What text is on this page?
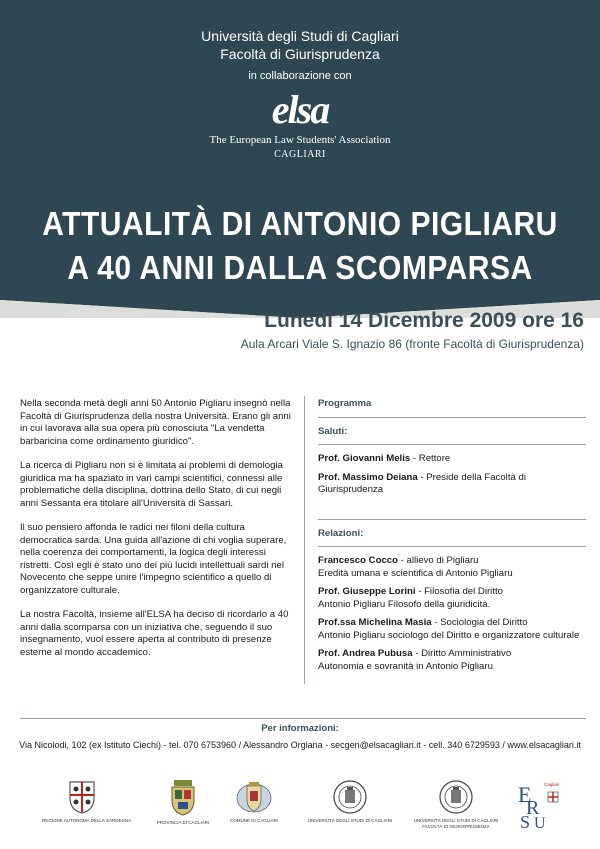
Università degli Studi di Cagliari
Facoltà di Giurisprudenza
in collaborazione con
elsa
The European Law Students' Association
CAGLIARI
ATTUALITÀ DI ANTONIO PIGLIARU
A 40 ANNI DALLA SCOMPARSA
Lunedì 14 Dicembre 2009 ore 16
Aula Arcari Viale S. Ignazio 86 (fronte Facoltà di Giurisprudenza)

Nella seconda metà degli anni 50 Antonio Pigliaru insegnò nella Facoltà di Giurisprudenza della nostra Università. Erano gli anni in cui lavorava alla sua opera più conosciuta "La vendetta barbaricina come ordinamento giuridico".

La ricerca di Pigliaru non si è limitata ai problemi di demologia giuridica ma ha spaziato in vari campi scientifici, connessi alle problematiche della disciplina, dottrina dello Stato, di cui negli anni Sessanta era titolare all'Università di Sassari.

Il suo pensiero affonda le radici nei filoni della cultura democratica sarda. Una guida all'azione di chi voglia superare, nella coerenza dei comportamenti, la logica degli interessi ristretti. Così egli è stato uno dei più lucidi intellettuali sardi nel Novecento che seppe unire l'impegno scientifico a quello di organizzatore culturale.

La nostra Facoltà, insieme all'ELSA ha deciso di ricordarlo a 40 anni dalla scomparsa con un iniziativa che, seguendo il suo insegnamento, vuol essere aperta al contributo di presenze esterne al mondo accademico.

Programma
Saluti:
Prof. Giovanni Melis - Rettore
Prof. Massimo Deiana - Preside della Facoltà di Giurisprudenza
Relazioni:
Francesco Cocco - allievo di Pigliaru
Eredità umana e scientifica di Antonio Pigliaru
Prof. Giuseppe Lorini - Filosofia del Diritto
Antonio Pigliaru Filosofo della giuridicità.
Prof.ssa Michelina Masia - Sociologia del Diritto
Antonio Pigliaru sociologo del Diritto e organizzatore culturale
Prof. Andrea Pubusa - Diritto Amministrativo
Autonomia e sovranità in Antonio Pigliaru
Per informazioni:
Via Nicolodi, 102 (ex Istituto Ciechi) - tel. 070 6753960 / Alessandro Orgiana - secgen@elsacagliari.it - cell. 340 6729593 / www.elsacagliari.it
REGIONE AUTONOMA DELLA SARDEGNA	PROVINCIA DI CAGLIARI	COMUNE DI CAGLIARI	UNIVERSITÀ DEGLI STUDI DI CAGLIARI	UNIVERSITÀ DEGLI STUDI DI CAGLIARI
FACOLTÀ DI GIURISPRUDENZA
E
R
S U
Cagliari
